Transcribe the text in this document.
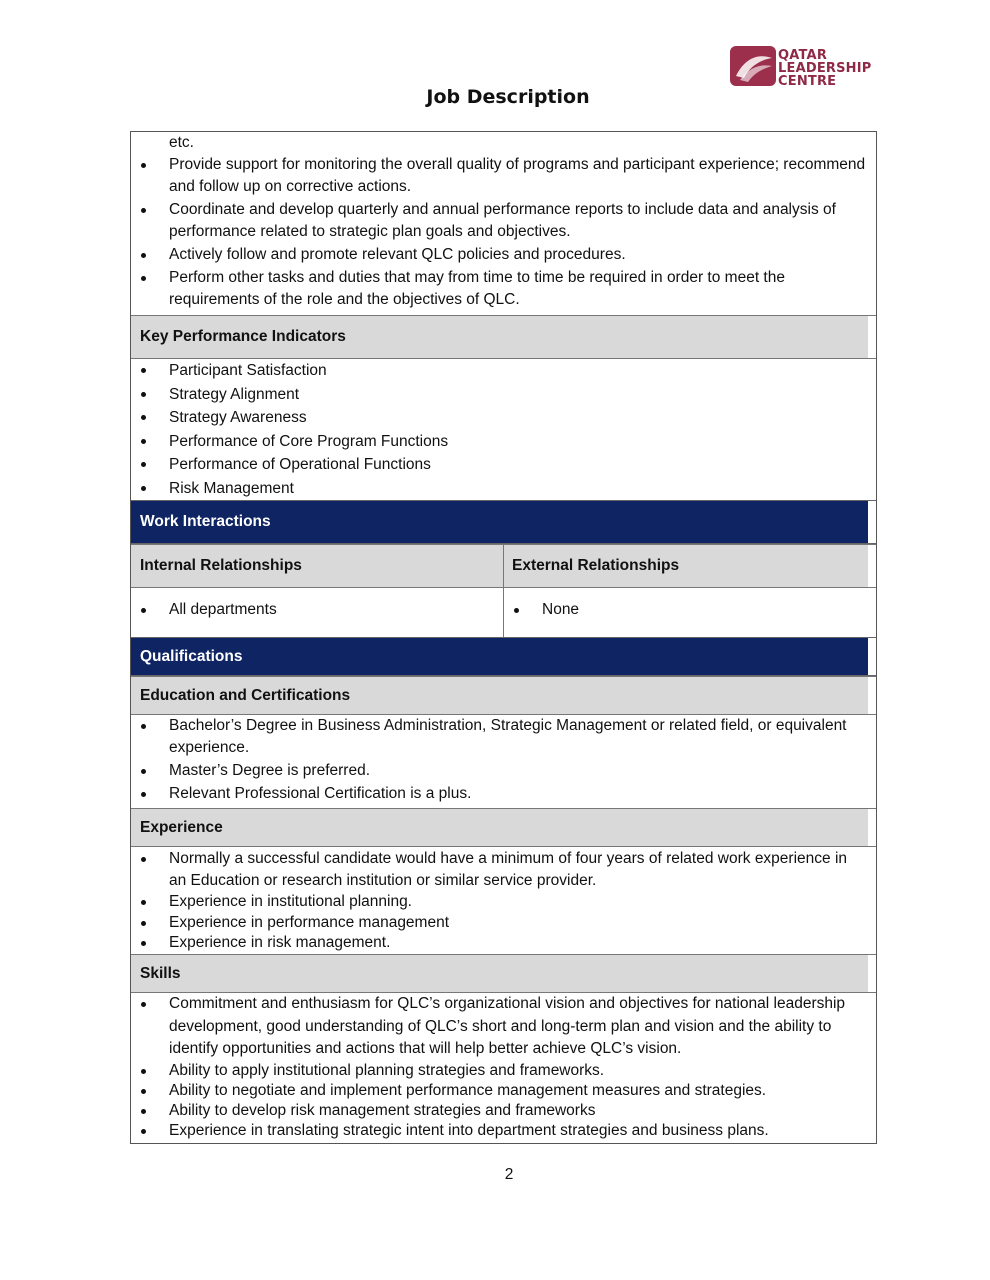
QATAR
LEADERSHIP
CENTRE
Job Description
etc.
Provide support for monitoring the overall quality of programs and participant experience; recommend and follow up on corrective actions.
Coordinate and develop quarterly and annual performance reports to include data and analysis of performance related to strategic plan goals and objectives.
Actively follow and promote relevant QLC policies and procedures.
Perform other tasks and duties that may from time to time be required in order to meet the requirements of the role and the objectives of QLC.
Key Performance Indicators
Participant Satisfaction
Strategy Alignment
Strategy Awareness
Performance of Core Program Functions
Performance of Operational Functions
Risk Management
Work Interactions
Internal Relationships	External Relationships
All departments	None
Qualifications
Education and Certifications
Bachelor’s Degree in Business Administration, Strategic Management or related field, or equivalent experience.
Master’s Degree is preferred.
Relevant Professional Certification is a plus.
Experience
Normally a successful candidate would have a minimum of four years of related work experience in an Education or research institution or similar service provider.
Experience in institutional planning.
Experience in performance management
Experience in risk management.
Skills
Commitment and enthusiasm for QLC’s organizational vision and objectives for national leadership development, good understanding of QLC’s short and long-term plan and vision and the ability to identify opportunities and actions that will help better achieve QLC’s vision.
Ability to apply institutional planning strategies and frameworks.
Ability to negotiate and implement performance management measures and strategies.
Ability to develop risk management strategies and frameworks
Experience in translating strategic intent into department strategies and business plans.
2
